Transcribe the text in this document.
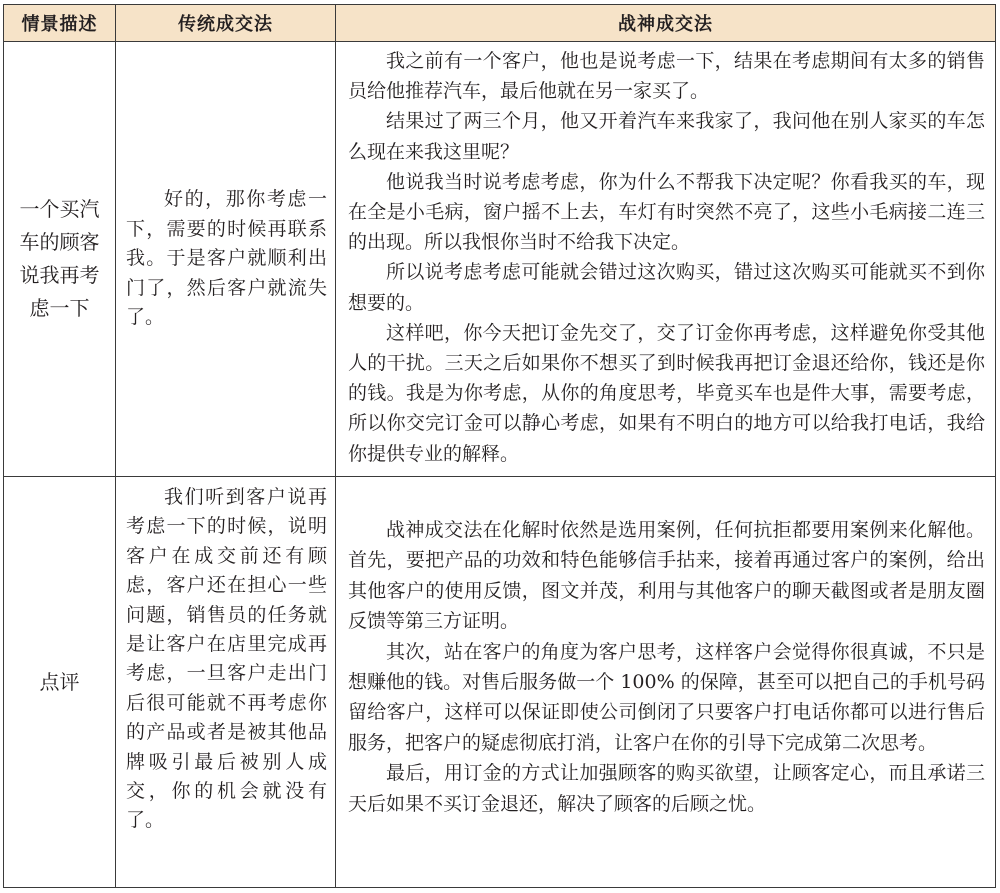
情景描述	传统成交法	战神成交法

一个买汽车的顾客说我再考虑一下	好的，那你考虑一下，需要的时候再联系我。于是客户就顺利出门了，然后客户就流失了。	我之前有一个客户，他也是说考虑一下，结果在考虑期间有太多的销售员给他推荐汽车，最后他就在另一家买了。

结果过了两三个月，他又开着汽车来我家了，我问他在别人家买的车怎么现在来我这里呢？

他说我当时说考虑考虑，你为什么不帮我下决定呢？你看我买的车，现在全是小毛病，窗户摇不上去，车灯有时突然不亮了，这些小毛病接二连三的出现。所以我恨你当时不给我下决定。

所以说考虑考虑可能就会错过这次购买，错过这次购买可能就买不到你想要的。

这样吧，你今天把订金先交了，交了订金你再考虑，这样避免你受其他人的干扰。三天之后如果你不想买了到时候我再把订金退还给你，钱还是你的钱。我是为你考虑，从你的角度思考，毕竟买车也是件大事，需要考虑，所以你交完订金可以静心考虑，如果有不明白的地方可以给我打电话，我给你提供专业的解释。

点评	我们听到客户说再考虑一下的时候，说明客户在成交前还有顾虑，客户还在担心一些问题，销售员的任务就是让客户在店里完成再考虑，一旦客户走出门后很可能就不再考虑你的产品或者是被其他品牌吸引最后被别人成交，你的机会就没有了。	战神成交法在化解时依然是选用案例，任何抗拒都要用案例来化解他。首先，要把产品的功效和特色能够信手拈来，接着再通过客户的案例，给出其他客户的使用反馈，图文并茂，利用与其他客户的聊天截图或者是朋友圈反馈等第三方证明。

其次，站在客户的角度为客户思考，这样客户会觉得你很真诚，不只是想赚他的钱。对售后服务做一个 100% 的保障，甚至可以把自己的手机号码留给客户，这样可以保证即使公司倒闭了只要客户打电话你都可以进行售后服务，把客户的疑虑彻底打消，让客户在你的引导下完成第二次思考。

最后，用订金的方式让加强顾客的购买欲望，让顾客定心，而且承诺三天后如果不买订金退还，解决了顾客的后顾之忧。
